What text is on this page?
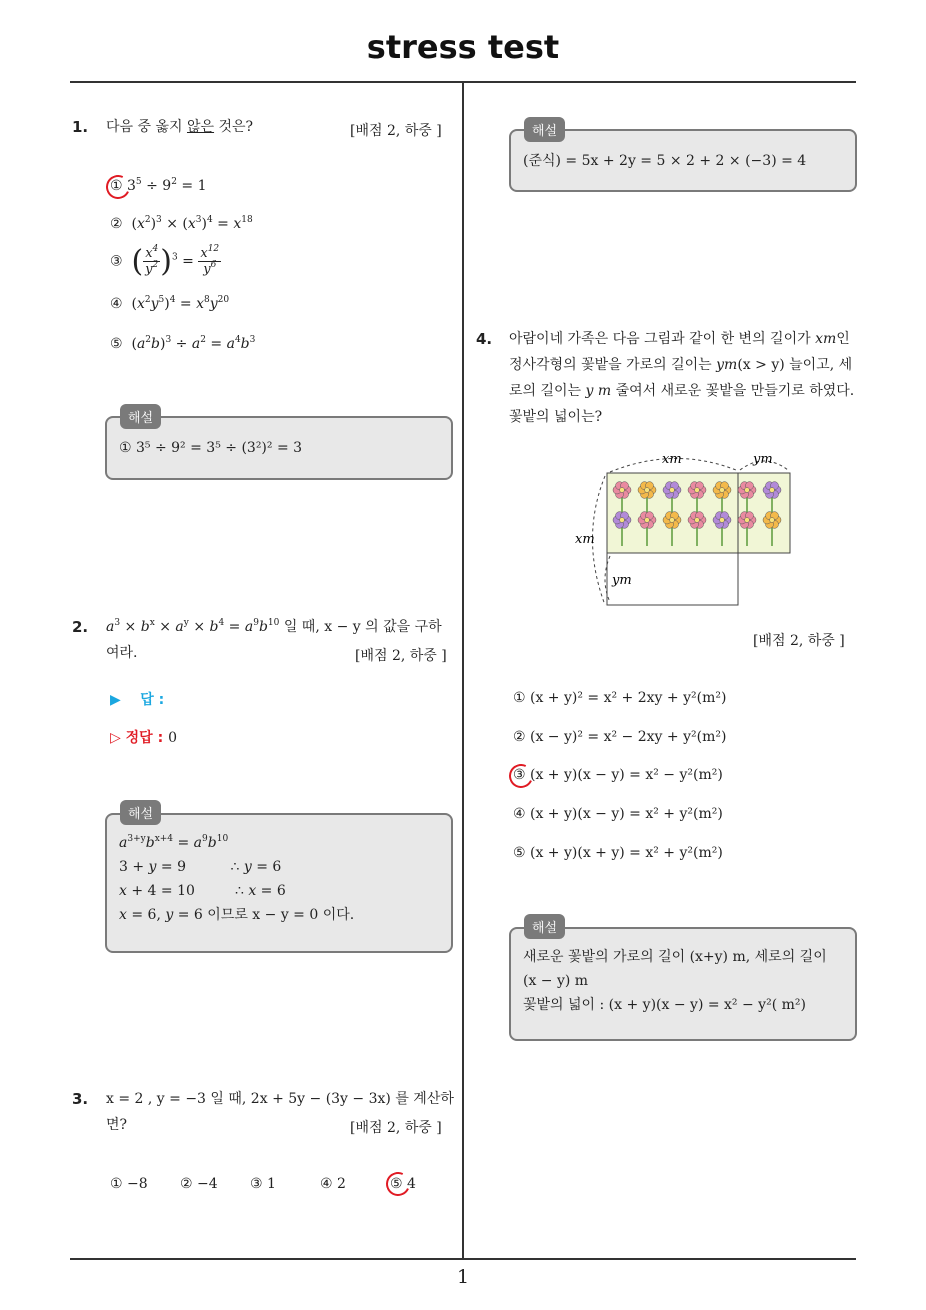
stress test
1
1. 다음 중 옳지 않은 것은?	[배점 2, 하중 ]
① $3^5 \div 9^2 = 1$
②  $(x^2)^3 \times (x^3)^4 = x^{18}$
③ ( $\frac{x^4}{y^2} )^3 = \frac{x^{12}}{y^6}$
④  $(x^2y^5)^4 = x^8y^{20}$
⑤  $(a^2b)^3 \div a^2 = a^4b^3$
① 3⁵ ÷ 9² = 3⁵ ÷ (3²)² = 3
해설
2. $a^3 \times b^x \times a^y \times b^4 = a^9b^{10}$ 일 때, x − y 의 값을 구하여라.	[배점 2, 하중 ]
▶ 답 :
▷ 정답 : 0
$a^{3+y}b^{x+4} = a^9b^{10}$
3 + y = 9          ∴ y = 6
x + 4 = 10         ∴ x = 6
x = 6, y = 6 이므로 x − y = 0 이다.
해설
3. x = 2 , y = −3 일 때, 2x + 5y − (3y − 3x) 를 계산하면?	[배점 2, 하중 ]
① −8 ② −4 ③ 1	④ 2	⑤ 4
(준식) = 5x + 2y = 5 × 2 + 2 × (−3) = 4
해설
4. 아람이네 가족은 다음 그림과 같이 한 변의 길이가 xm인 정사각형의 꽃밭을 가로의 길이는 ym(x > y) 늘이고, 세로의 길이는 y m 줄여서 새로운 꽃밭을 만들기로 하였다. 꽃밭의 넓이는?
xm	ym
xm
ym
[배점 2, 하중 ]
① (x + y)² = x² + 2xy + y²(m²)
② (x − y)² = x² − 2xy + y²(m²)
③ (x + y)(x − y) = x² − y²(m²)
④ (x + y)(x − y) = x² + y²(m²)
⑤ (x + y)(x + y) = x² + y²(m²)
새로운 꽃밭의 가로의 길이 (x+y) m, 세로의 길이 (x − y) m
꽃밭의 넓이 : (x + y)(x − y) = x² − y²( m²)
해설
